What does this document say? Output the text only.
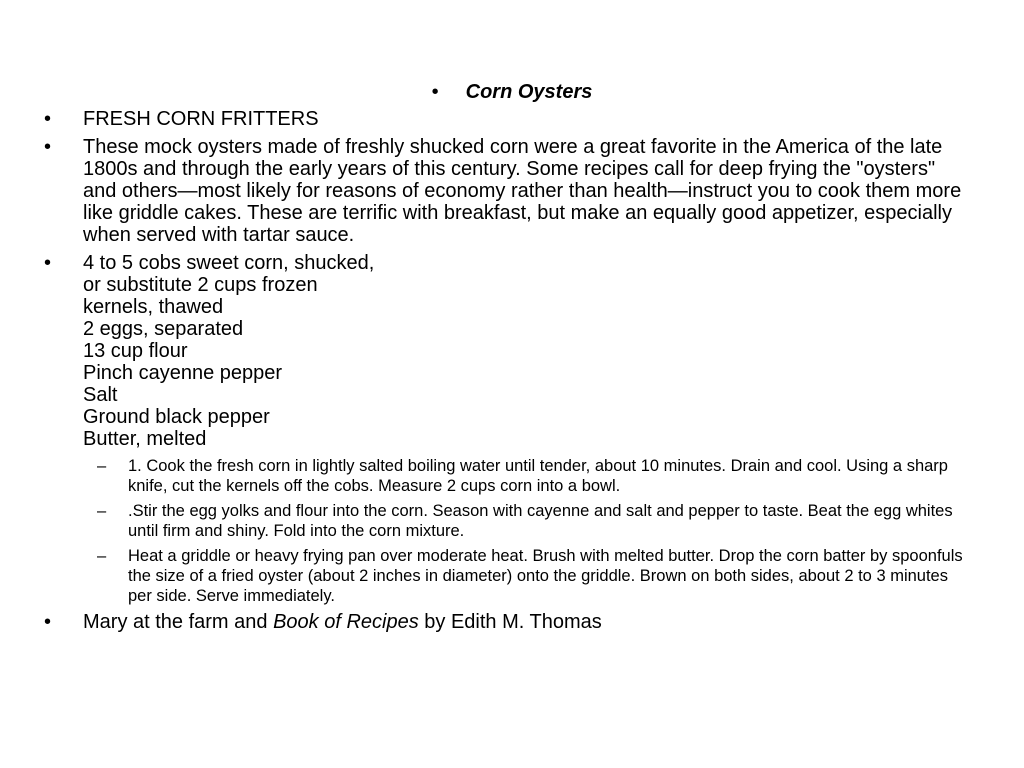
• Corn Oysters
• FRESH CORN FRITTERS
• These mock oysters made of freshly shucked corn were a great favorite in the America of the late 1800s and through the early years of this century. Some recipes call for deep frying the "oysters" and others—most likely for reasons of economy rather than health—instruct you to cook them more like griddle cakes. These are terrific with breakfast, but make an equally good appetizer, especially when served with tartar sauce.
• 4 to 5 cobs sweet corn, shucked,
or substitute 2 cups frozen
kernels, thawed
2 eggs, separated
13 cup flour
Pinch cayenne pepper
Salt
Ground black pepper
Butter, melted
– 1. Cook the fresh corn in lightly salted boiling water until tender, about 10 minutes. Drain and cool. Using a sharp knife, cut the kernels off the cobs. Measure 2 cups corn into a bowl.
– .Stir the egg yolks and flour into the corn. Season with cayenne and salt and pepper to taste. Beat the egg whites until firm and shiny. Fold into the corn mixture.
– Heat a griddle or heavy frying pan over moderate heat. Brush with melted butter. Drop the corn batter by spoonfuls the size of a fried oyster (about 2 inches in diameter) onto the griddle. Brown on both sides, about 2 to 3 minutes per side. Serve immediately.
• Mary at the farm and Book of Recipes by Edith M. Thomas
